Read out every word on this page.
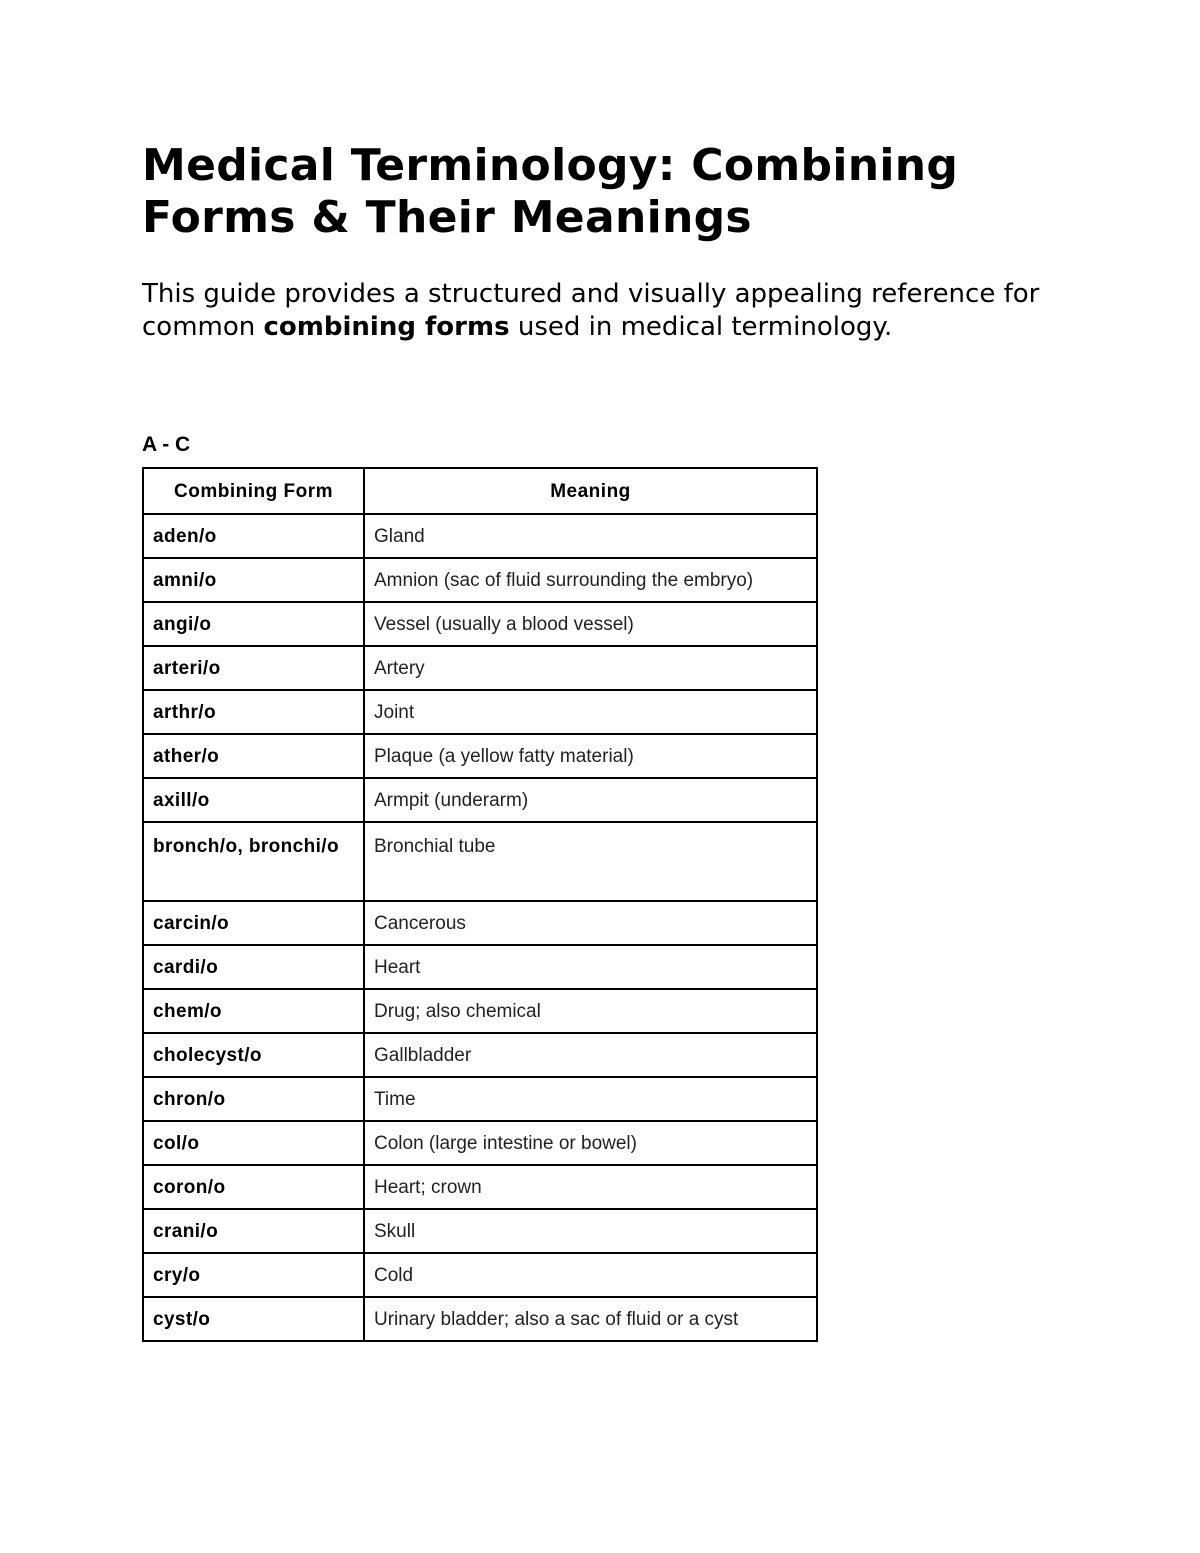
Medical Terminology: Combining Forms & Their Meanings

This guide provides a structured and visually appealing reference for common combining forms used in medical terminology.

A - C
Combining Form	Meaning
aden/o	Gland
amni/o	Amnion (sac of fluid surrounding the embryo)
angi/o	Vessel (usually a blood vessel)
arteri/o	Artery
arthr/o	Joint
ather/o	Plaque (a yellow fatty material)
axill/o	Armpit (underarm)
bronch/o, bronchi/o	Bronchial tube
carcin/o	Cancerous
cardi/o	Heart
chem/o	Drug; also chemical
cholecyst/o	Gallbladder
chron/o	Time
col/o	Colon (large intestine or bowel)
coron/o	Heart; crown
crani/o	Skull
cry/o	Cold
cyst/o	Urinary bladder; also a sac of fluid or a cyst
